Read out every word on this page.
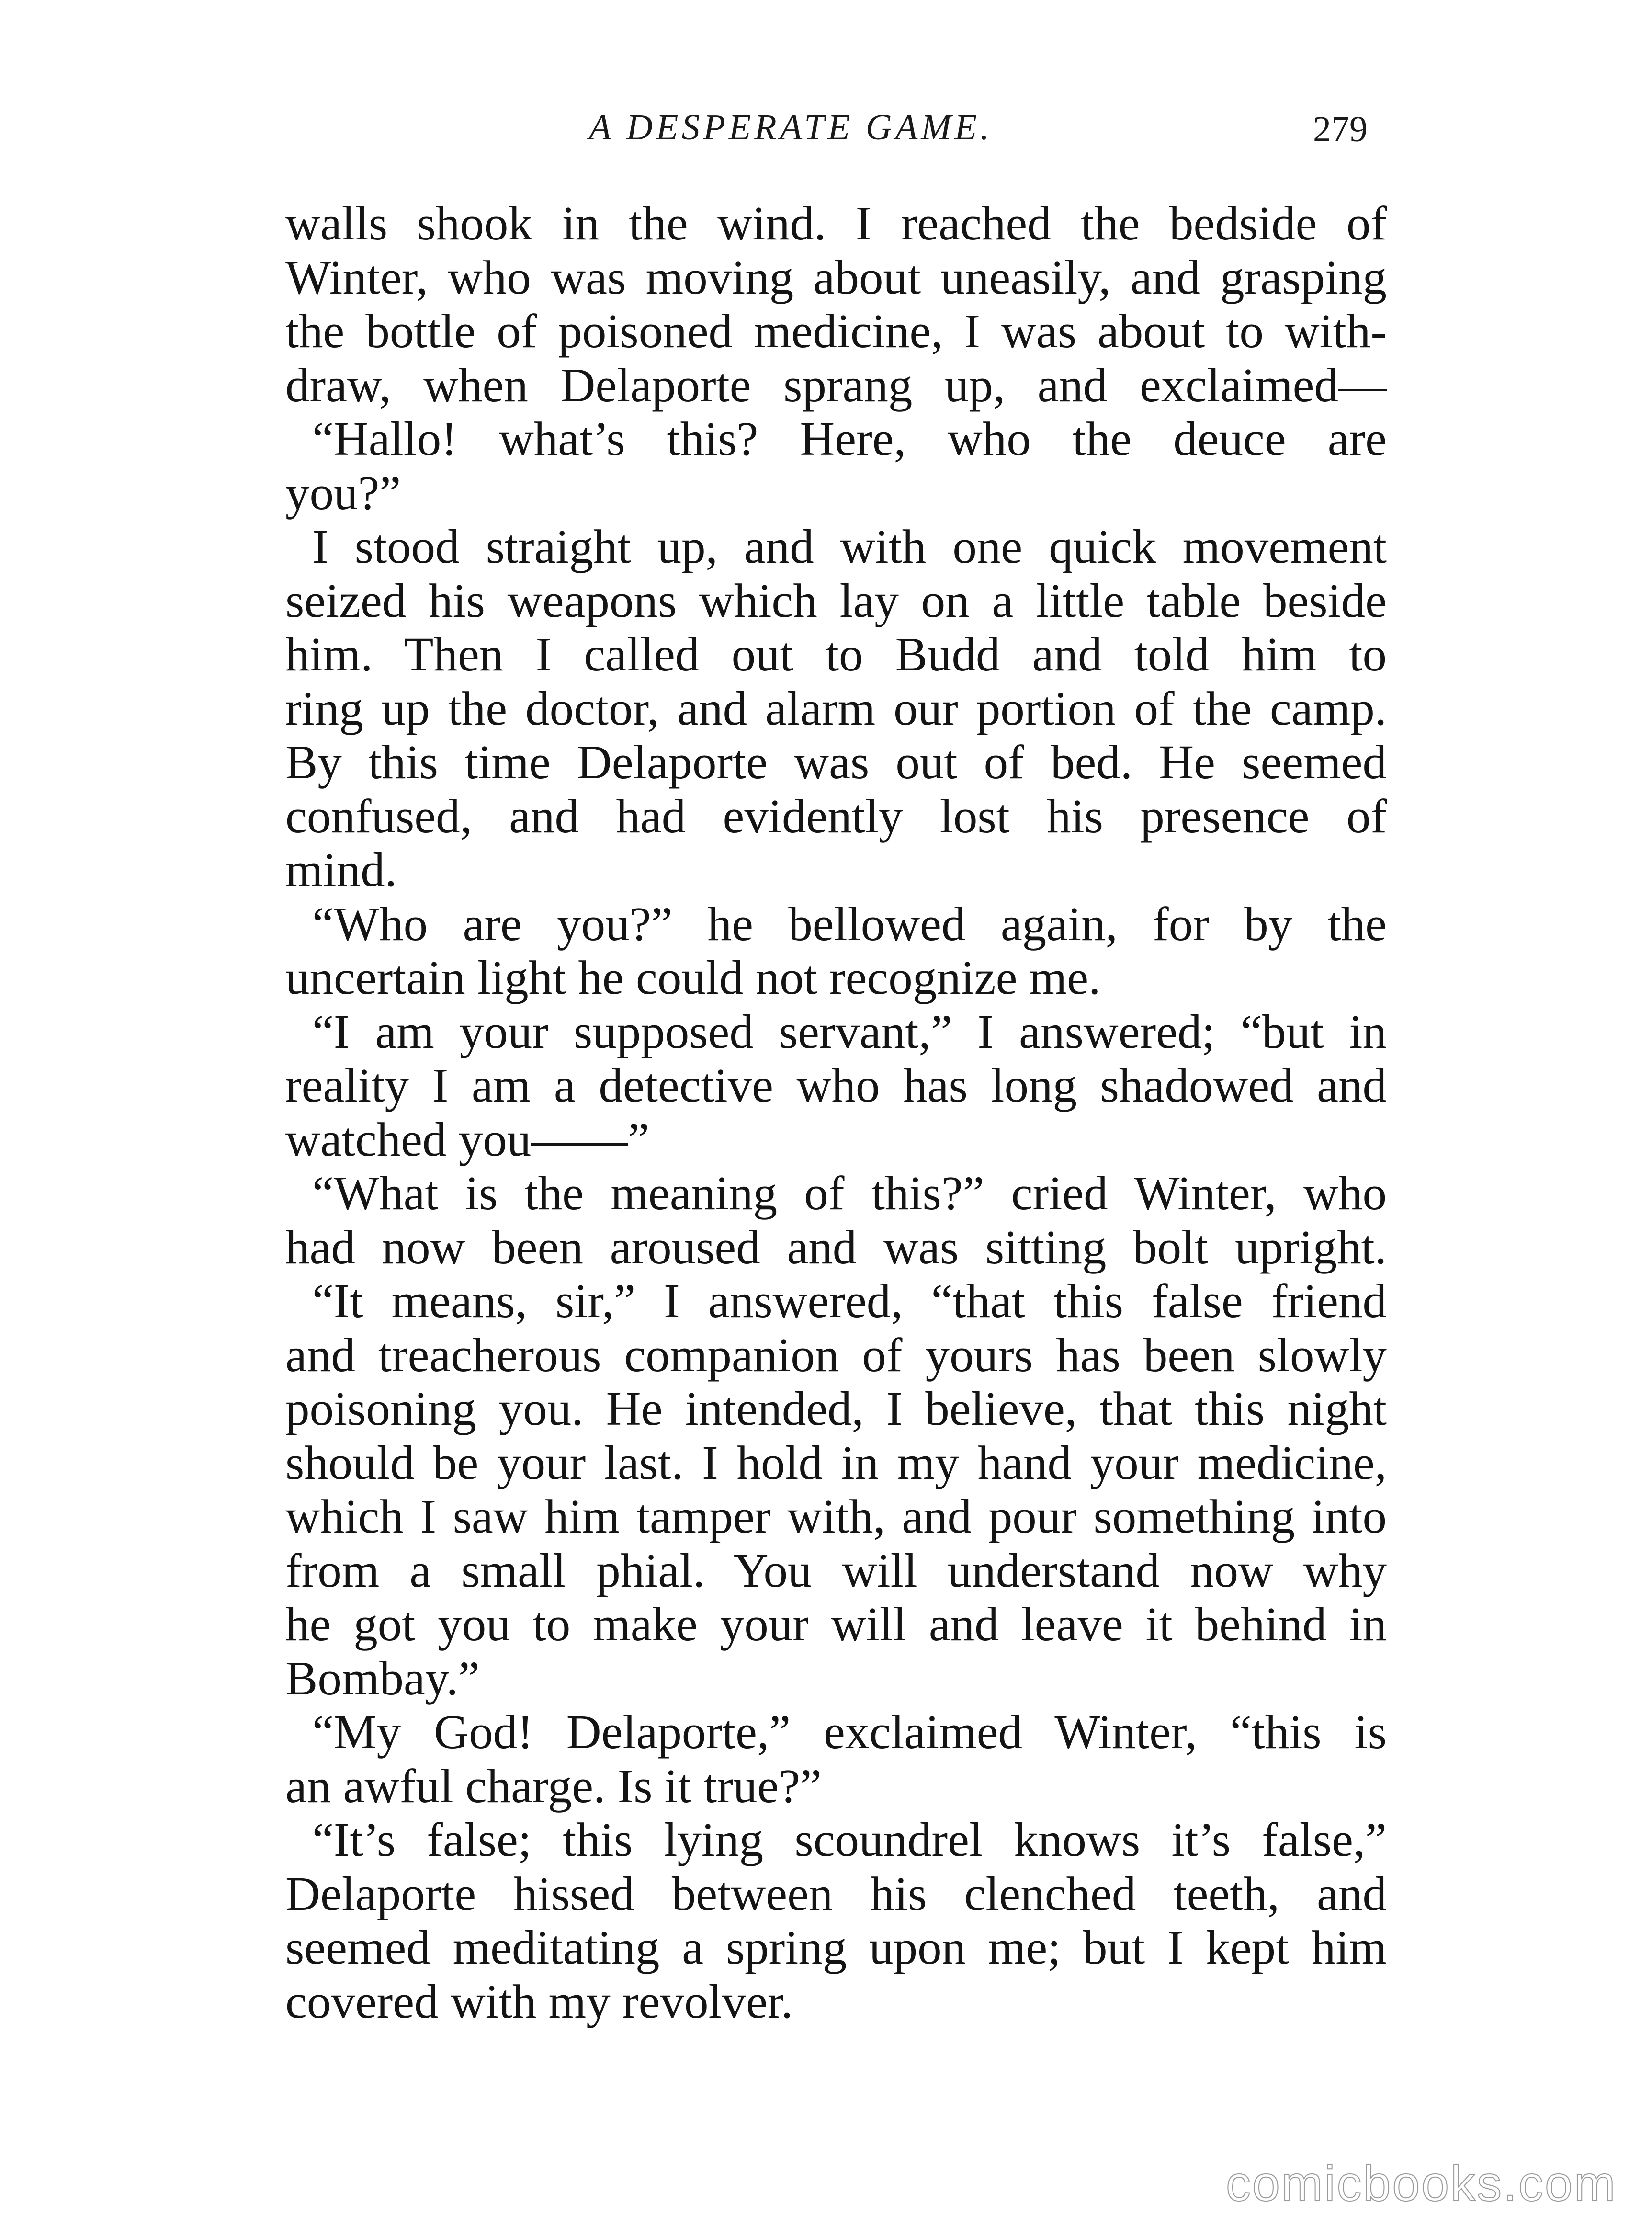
A DESPERATE GAME.	279
walls shook in the wind. I reached the bedside of
Winter, who was moving about uneasily, and grasping
the bottle of poisoned medicine, I was about to with-
draw, when Delaporte sprang up, and exclaimed—
“Hallo! what’s this? Here, who the deuce are
you?”
I stood straight up, and with one quick movement
seized his weapons which lay on a little table beside
him. Then I called out to Budd and told him to
ring up the doctor, and alarm our portion of the camp.
By this time Delaporte was out of bed. He seemed
confused, and had evidently lost his presence of
mind.
“Who are you?” he bellowed again, for by the
uncertain light he could not recognize me.
“I am your supposed servant,” I answered; “but in
reality I am a detective who has long shadowed and
watched you——”
“What is the meaning of this?” cried Winter, who
had now been aroused and was sitting bolt upright.
“It means, sir,” I answered, “that this false friend
and treacherous companion of yours has been slowly
poisoning you. He intended, I believe, that this night
should be your last. I hold in my hand your medicine,
which I saw him tamper with, and pour something into
from a small phial. You will understand now why
he got you to make your will and leave it behind in
Bombay.”
“My God! Delaporte,” exclaimed Winter, “this is
an awful charge. Is it true?”
“It’s false; this lying scoundrel knows it’s false,”
Delaporte hissed between his clenched teeth, and
seemed meditating a spring upon me; but I kept him
covered with my revolver.
comicbooks.com
